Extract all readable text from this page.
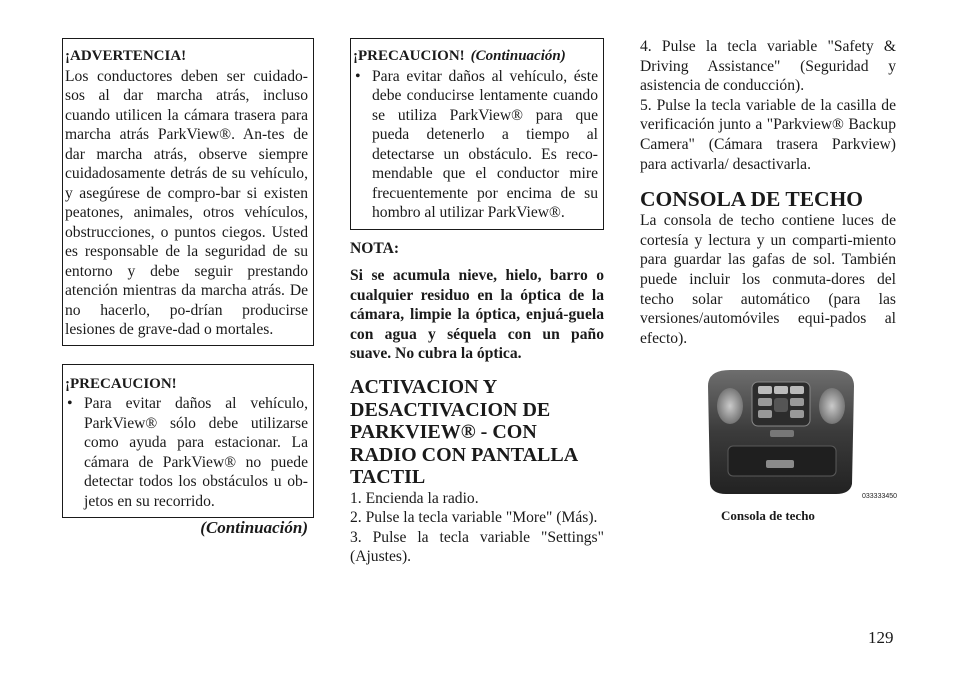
¡ADVERTENCIA!
Los conductores deben ser cuidado-sos al dar marcha atrás, incluso cuando utilicen la cámara trasera para marcha atrás ParkView®. An-tes de dar marcha atrás, observe siempre cuidadosamente detrás de su vehículo, y asegúrese de compro-bar si existen peatones, animales, otros vehículos, obstrucciones, o puntos ciegos. Usted es responsable de la seguridad de su entorno y debe seguir prestando atención mientras da marcha atrás. De no hacerlo, po-drían producirse lesiones de grave-dad o mortales.
¡PRECAUCION!
• Para evitar daños al vehículo, ParkView® sólo debe utilizarse como ayuda para estacionar. La cámara de ParkView® no puede detectar todos los obstáculos u ob-jetos en su recorrido.
(Continuación)
¡PRECAUCION! (Continuación)
• Para evitar daños al vehículo, éste debe conducirse lentamente cuando se utiliza ParkView® para que pueda detenerlo a tiempo al detectarse un obstáculo. Es reco-mendable que el conductor mire frecuentemente por encima de su hombro al utilizar ParkView®.
NOTA:
Si se acumula nieve, hielo, barro o cualquier residuo en la óptica de la cámara, limpie la óptica, enjuá-guela con agua y séquela con un paño suave. No cubra la óptica.
ACTIVACION Y DESACTIVACION DE PARKVIEW® - CON RADIO CON PANTALLA TACTIL

1. Encienda la radio.

2. Pulse la tecla variable "More" (Más).

3. Pulse la tecla variable "Settings" (Ajustes).

4. Pulse la tecla variable "Safety & Driving Assistance" (Seguridad y asistencia de conducción).

5. Pulse la tecla variable de la casilla de verificación junto a "Parkview® Backup Camera" (Cámara trasera Parkview) para activarla/ desactivarla.

CONSOLA DE TECHO

La consola de techo contiene luces de cortesía y lectura y un comparti-miento para guardar las gafas de sol. También puede incluir los conmuta-dores del techo solar automático (para las versiones/automóviles equi-pados al efecto).

033333450
Consola de techo
129
